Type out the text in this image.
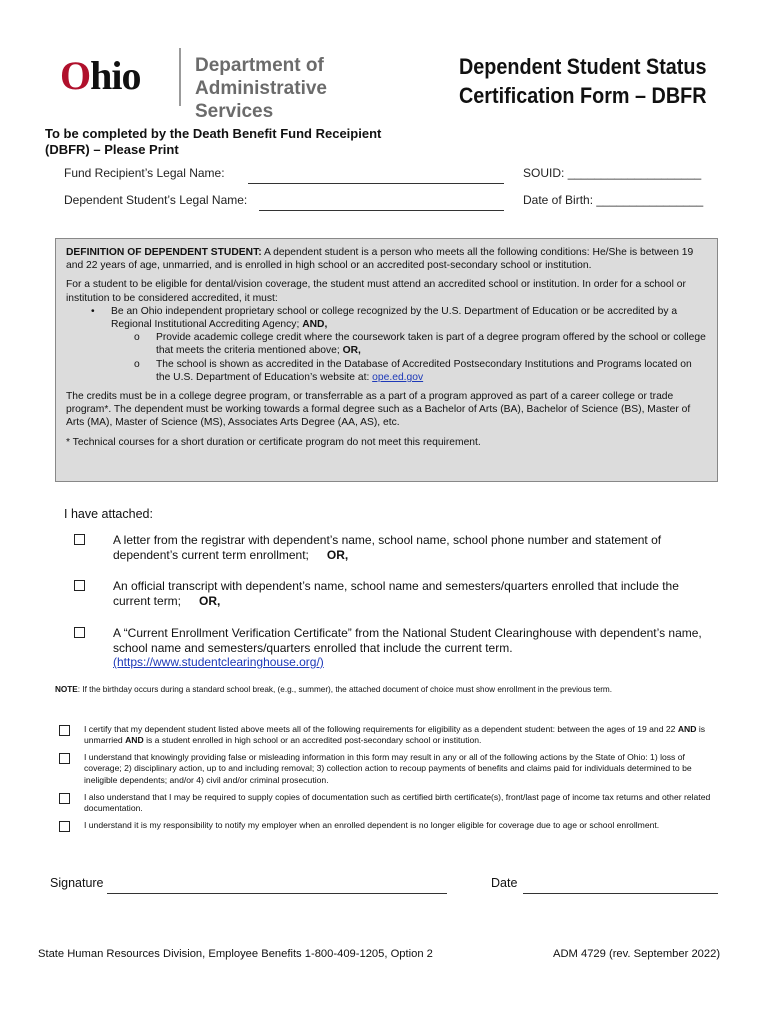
Ohio	Department of
Administrative Services
Dependent Student Status
Certification Form – DBFR
To be completed by the Death Benefit Fund Receipient
(DBFR) – Please Print
Fund Recipient’s Legal Name:	SOUID: ____________________
Dependent Student’s Legal Name:	Date of Birth: ________________

DEFINITION OF DEPENDENT STUDENT: A dependent student is a person who meets all the following conditions: He/She is between 19 and 22 years of age, unmarried, and is enrolled in high school or an accredited post-secondary school or institution.

For a student to be eligible for dental/vision coverage, the student must attend an accredited school or institution. In order for a school or institution to be considered accredited, it must:

• Be an Ohio independent proprietary school or college recognized by the U.S. Department of Education or be accredited by a Regional Institutional Accrediting Agency; AND,
o Provide academic college credit where the coursework taken is part of a degree program offered by the school or college that meets the criteria mentioned above; OR,
o The school is shown as accredited in the Database of Accredited Postsecondary Institutions and Programs located on the U.S. Department of Education’s website at: ope.ed.gov

The credits must be in a college degree program, or transferrable as a part of a program approved as part of a career college or trade program*. The dependent must be working towards a formal degree such as a Bachelor of Arts (BA), Bachelor of Science (BS), Master of Arts (MA), Master of Science (MS), Associates Arts Degree (AA, AS), etc.

* Technical courses for a short duration or certificate program do not meet this requirement.

I have attached:
A letter from the registrar with dependent’s name, school name, school phone number and statement of dependent’s current term enrollment; OR,
An official transcript with dependent’s name, school name and semesters/quarters enrolled that include the current term; OR,
A “Current Enrollment Verification Certificate” from the National Student Clearinghouse with dependent’s name, school name and semesters/quarters enrolled that include the current term.
(https://www.studentclearinghouse.org/)
NOTE: If the birthday occurs during a standard school break, (e.g., summer), the attached document of choice must show enrollment in the previous term.
I certify that my dependent student listed above meets all of the following requirements for eligibility as a dependent student: between the ages of 19 and 22 AND is unmarried AND is a student enrolled in high school or an accredited post-secondary school or institution.
I understand that knowingly providing false or misleading information in this form may result in any or all of the following actions by the State of Ohio: 1) loss of coverage; 2) disciplinary action, up to and including removal; 3) collection action to recoup payments of benefits and claims paid for individuals determined to be ineligible dependents; and/or 4) civil and/or criminal prosecution.
I also understand that I may be required to supply copies of documentation such as certified birth certificate(s), front/last page of income tax returns and other related documentation.
I understand it is my responsibility to notify my employer when an enrolled dependent is no longer eligible for coverage due to age or school enrollment.
Signature	Date
State Human Resources Division, Employee Benefits 1-800-409-1205, Option 2	ADM 4729 (rev. September 2022)
